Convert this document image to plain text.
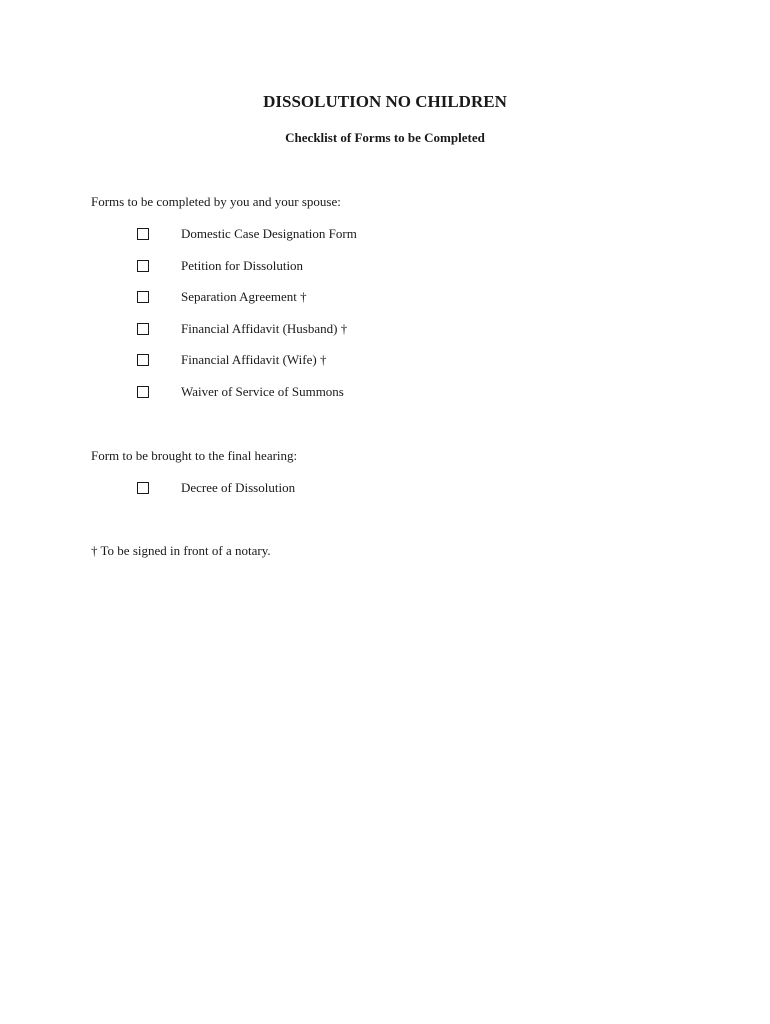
DISSOLUTION NO CHILDREN
Checklist of Forms to be Completed
Forms to be completed by you and your spouse:
Domestic Case Designation Form
Petition for Dissolution
Separation Agreement †
Financial Affidavit (Husband) †
Financial Affidavit (Wife) †
Waiver of Service of Summons
Form to be brought to the final hearing:
Decree of Dissolution
† To be signed in front of a notary.
